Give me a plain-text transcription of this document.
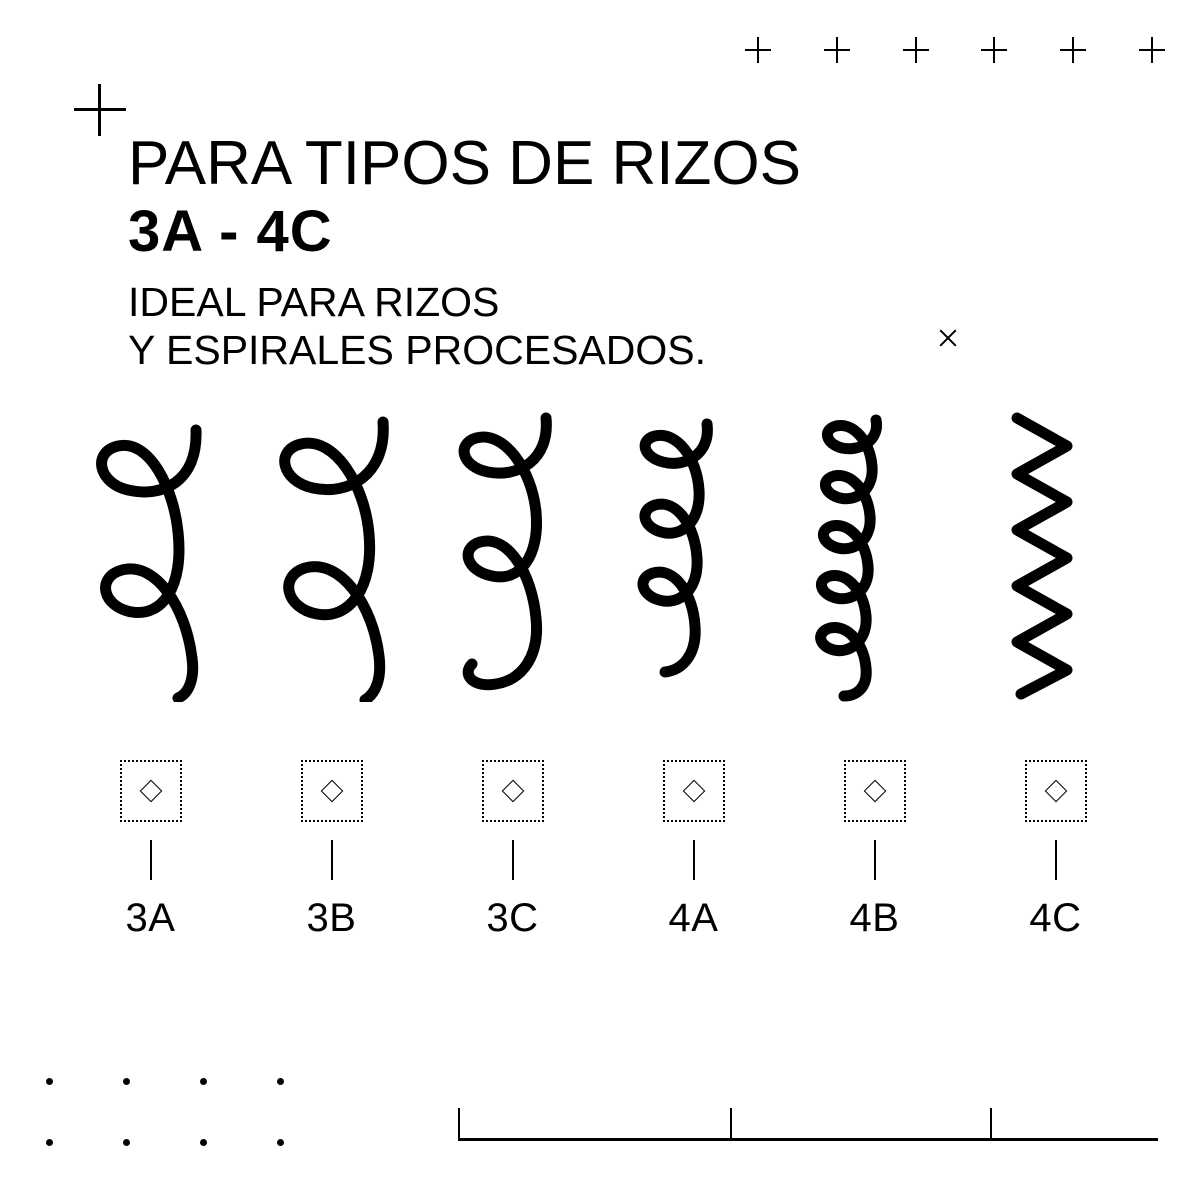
PARA TIPOS DE RIZOS
3A - 4C
IDEAL PARA RIZOS
Y ESPIRALES PROCESADOS.
3A	3B	3C	4A	4B	4C
